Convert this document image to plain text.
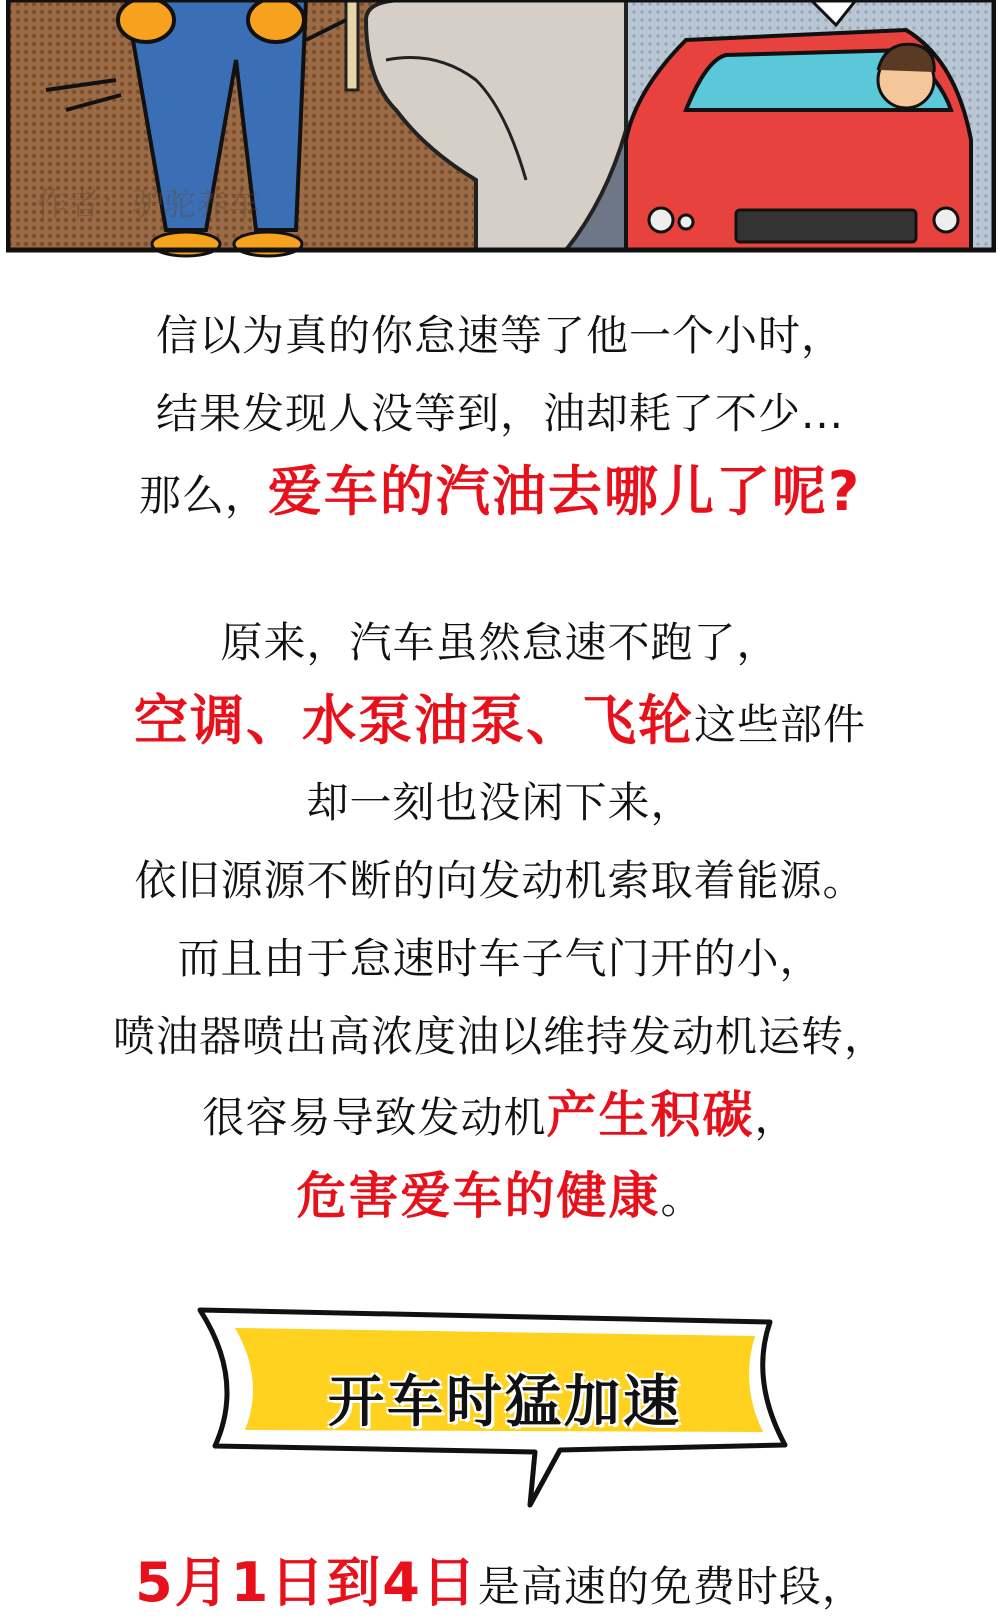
作者：驴驼养车
信以为真的你怠速等了他一个小时，
结果发现人没等到，油却耗了不少...
那么，爱车的汽油去哪儿了呢?
原来，汽车虽然怠速不跑了，
空调、水泵油泵、飞轮这些部件
却一刻也没闲下来，
依旧源源不断的向发动机索取着能源。
而且由于怠速时车子气门开的小，
喷油器喷出高浓度油以维持发动机运转，
很容易导致发动机产生积碳，
危害爱车的健康。
开车时猛加速
5月1日到4日是高速的免费时段，
